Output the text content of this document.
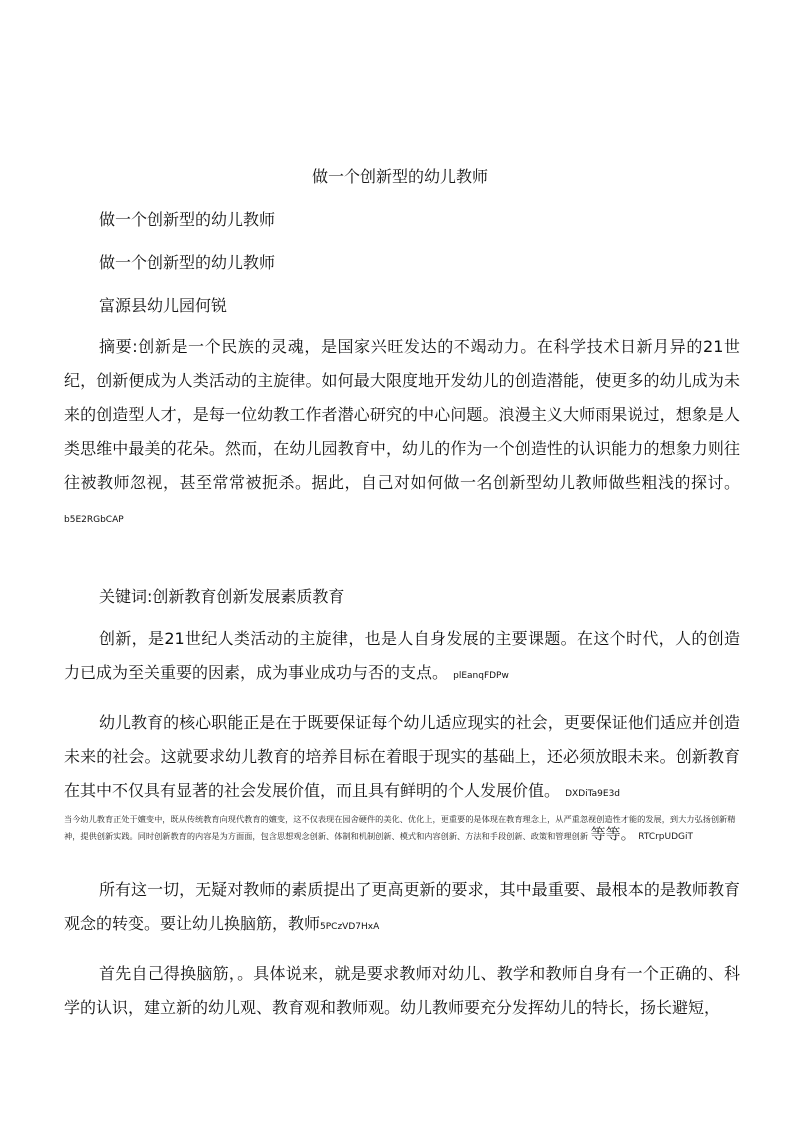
做一个创新型的幼儿教师
做一个创新型的幼儿教师
做一个创新型的幼儿教师
富源县幼儿园何锐
摘要:创新是一个民族的灵魂，是国家兴旺发达的不竭动力。在科学技术日新月异的21世纪，创新便成为人类活动的主旋律。如何最大限度地开发幼儿的创造潜能，使更多的幼儿成为未来的创造型人才，是每一位幼教工作者潜心研究的中心问题。浪漫主义大师雨果说过，想象是人类思维中最美的花朵。然而，在幼儿园教育中，幼儿的作为一个创造性的认识能力的想象力则往往被教师忽视，甚至常常被扼杀。据此，自己对如何做一名创新型幼儿教师做些粗浅的探讨。 b5E2RGbCAP
关键词:创新教育创新发展素质教育
创新，是21世纪人类活动的主旋律，也是人自身发展的主要课题。在这个时代，人的创造力已成为至关重要的因素，成为事业成功与否的支点。 plEanqFDPw
幼儿教育的核心职能正是在于既要保证每个幼儿适应现实的社会，更要保证他们适应并创造未来的社会。这就要求幼儿教育的培养目标在着眼于现实的基础上，还必须放眼未来。创新教育在其中不仅具有显著的社会发展价值，而且具有鲜明的个人发展价值。 DXDiTa9E3d
当今幼儿教育正处于嬗变中，既从传统教育向现代教育的嬗变，这不仅表现在园舍硬件的美化、优化上，更重要的是体现在教育理念上，从严重忽视创造性才能的发展，到大力弘扬创新精神，提供创新实践。同时创新教育的内容是为方面面，包含思想观念创新、体制和机制创新、模式和内容创新、方法和手段创新、政策和管理创新 等等。 RTCrpUDGiT
所有这一切，无疑对教师的素质提出了更高更新的要求，其中最重要、最根本的是教师教育观念的转变。要让幼儿换脑筋，教师5PCzVD7HxA
首先自己得换脑筋，。具体说来，就是要求教师对幼儿、教学和教师自身有一个正确的、科学的认识，建立新的幼儿观、教育观和教师观。幼儿教师要充分发挥幼儿的特长，扬长避短，
